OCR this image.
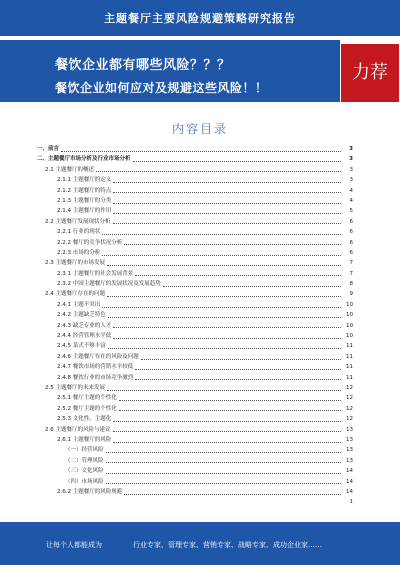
主题餐厅主要风险规避策略研究报告
餐饮企业都有哪些风险？？？
餐饮企业如何应对及规避这些风险！！
力荐
内容目录
一、前言	3
二、主题餐厅市场分析及行业市场分析	3
2.1 主题餐厅的概述	3
2.1.1 主题餐厅的定义	3
2.1.2 主题餐厅的特点	4
2.1.3 主题餐厅的分类	4
2.1.4 主题餐厅的作用	5
2.2 主题餐厅发展现状分析	6
2.2.1 行业的现状	6
2.2.2 餐厅的竞争状况分析	6
2.2.3 市场的分析	6
2.3 主题餐厅的市场发展	7
2.3.1 主题餐厅的社会发展背景	7
2.3.2 中国主题餐厅的发展状况及发展趋势	8
2.4 主题餐厅存在的问题	9
2.4.1 主题不突出	10
2.4.2 主题缺乏特色	10
2.4.3 缺乏专业的人才	10
2.4.4 经营管理水平低	10
2.4.5 菜式不够丰富	11
2.4.6 主题餐厅存在的风险及问题	11
2.4.7 餐饮市场的营销水平较低	11
2.4.8 餐饮行业的市场竞争激烈	11
2.5 主题餐厅的未来发展	12
2.5.1 餐厅主题的个性化	12
2.5.2 餐厅主题的个性化	12
2.5.3 文化性、主题化	12
2.6 主题餐厅的风险与建议	13
2.6.1 主题餐厅的风险	13
（一）经营风险	13
（二）管理风险	13
（三）文化风险	14
（四）市场风险	14
2.6.2 主题餐厅的风险规避	14
1
让每个人都能成为	行业专家、管理专家、营销专家、战略专家、成功企业家……
